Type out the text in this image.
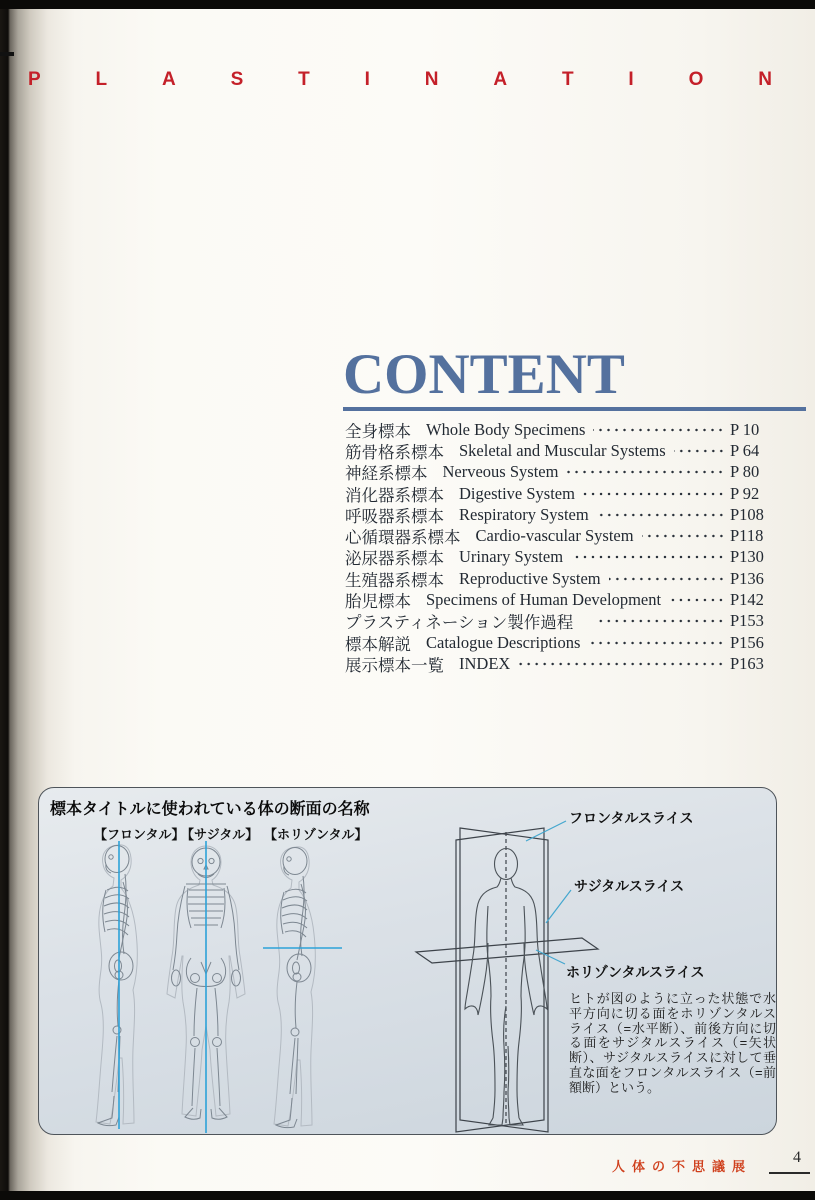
P	L	A	S	T	I	N	A	T	I	O	N
CONTENT
全身標本 Whole Body Specimens	P 10
筋骨格系標本 Skeletal and Muscular Systems	P 64
神経系標本 Nerveous System	P 80
消化器系標本 Digestive System	P 92
呼吸器系標本 Respiratory System	P108
心循環器系標本 Cardio-vascular System	P118
泌尿器系標本 Urinary System	P130
生殖器系標本 Reproductive System	P136
胎児標本 Specimens of Human Development	P142
プラスティネーション製作過程	P153
標本解説 Catalogue Descriptions	P156
展示標本一覧 INDEX	P163
標本タイトルに使われている体の断面の名称
【フロンタル】
【サジタル】 【ホリゾンタル】
フロンタルスライス
サジタルスライス
ホリゾンタルスライス
ヒトが図のように立った状態で水平方向に切る面をホリゾンタルスライス（=水平断）、前後方向に切る面をサジタルスライス（=矢状断）、サジタルスライスに対して垂直な面をフロンタルスライス（=前額断）という。
人体の不思議展
4
